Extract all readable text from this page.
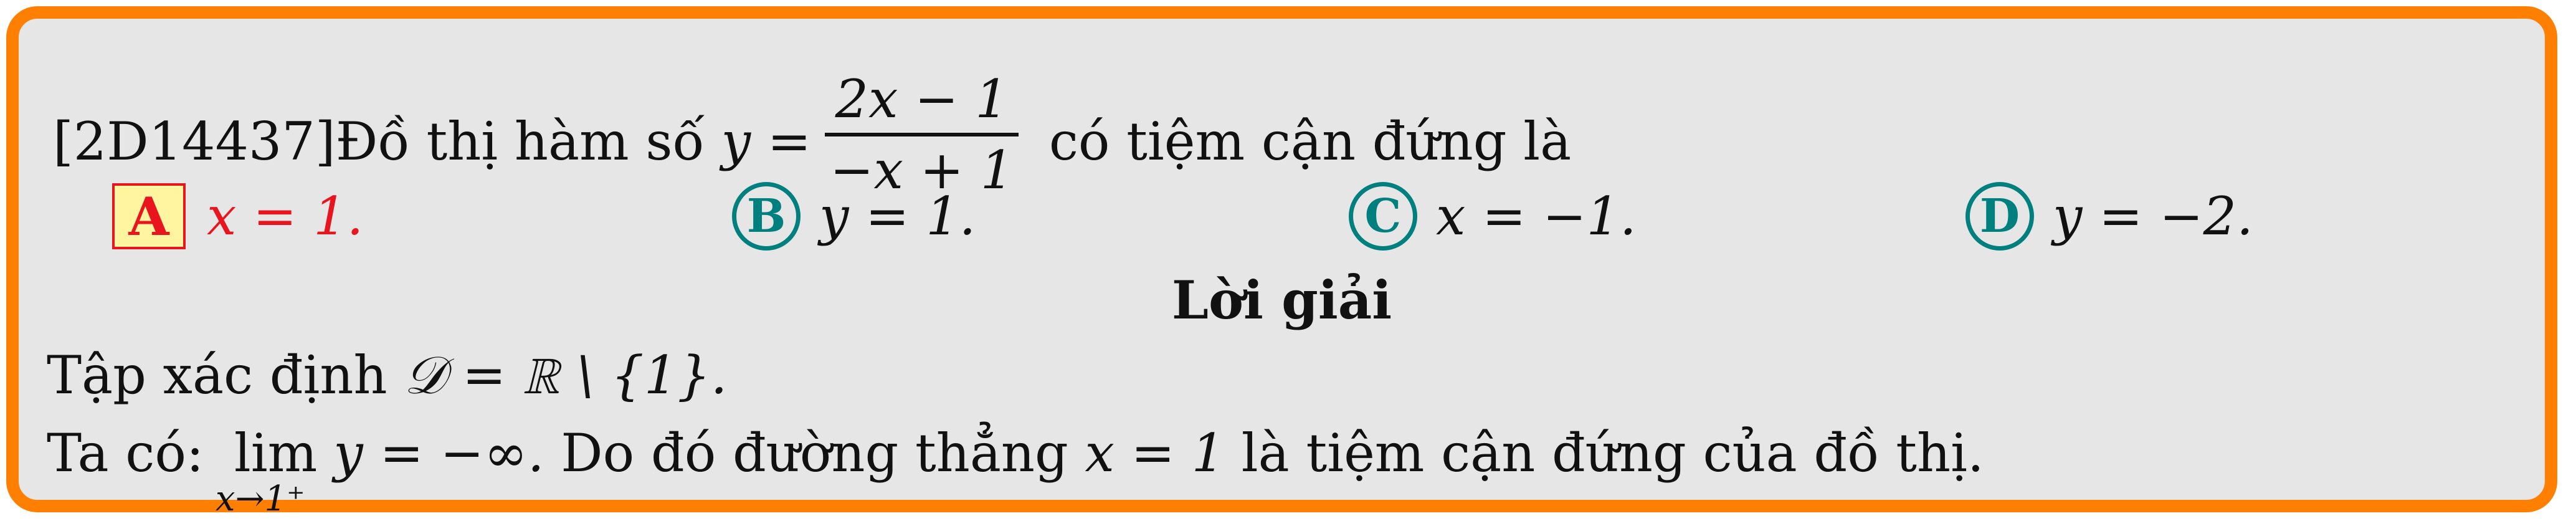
[2D14437]Đồ thị hàm số $y = \frac{2x - 1}{-x + 1}$ có tiệm cận đứng là
A x = 1.	B y = 1.	C x = −1.	D y = −2.
Lời giải
Tập xác định 𝒟 = ℝ \ {1}.
Ta có: lim
x→1⁺
y = −∞. Do đó đường thẳng x = 1 là tiệm cận đứng của đồ thị.
